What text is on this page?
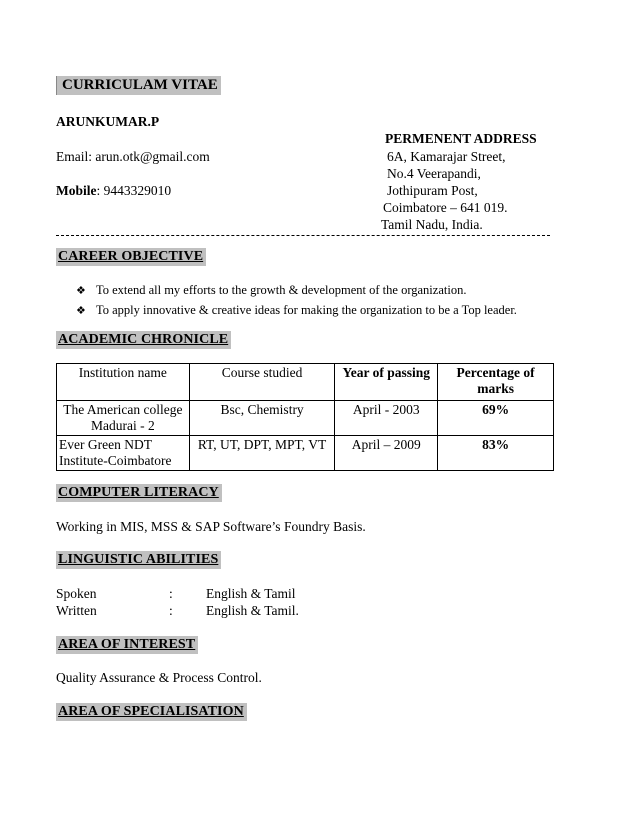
CURRICULAM VITAE
ARUNKUMAR.P
Email: arun.otk@gmail.com
Mobile: 9443329010
PERMENENT ADDRESS
6A, Kamarajar Street,
No.4 Veerapandi,
Jothipuram Post,
Coimbatore – 641 019.
Tamil Nadu, India.
CAREER OBJECTIVE
❖ To extend all my efforts to the growth & development of the organization.
❖ To apply innovative & creative ideas for making the organization to be a Top leader.
ACADEMIC CHRONICLE
Institution name	Course studied	Year of passing	Percentage of marks
The American college Madurai - 2	Bsc, Chemistry	April - 2003	69%
Ever Green NDT Institute-Coimbatore	RT, UT, DPT, MPT, VT	April – 2009	83%
COMPUTER LITERACY
Working in MIS, MSS & SAP Software’s Foundry Basis.
LINGUISTIC ABILITIES
Spoken	: English & Tamil
Written	: English & Tamil.
AREA OF INTEREST
Quality Assurance & Process Control.
AREA OF SPECIALISATION
